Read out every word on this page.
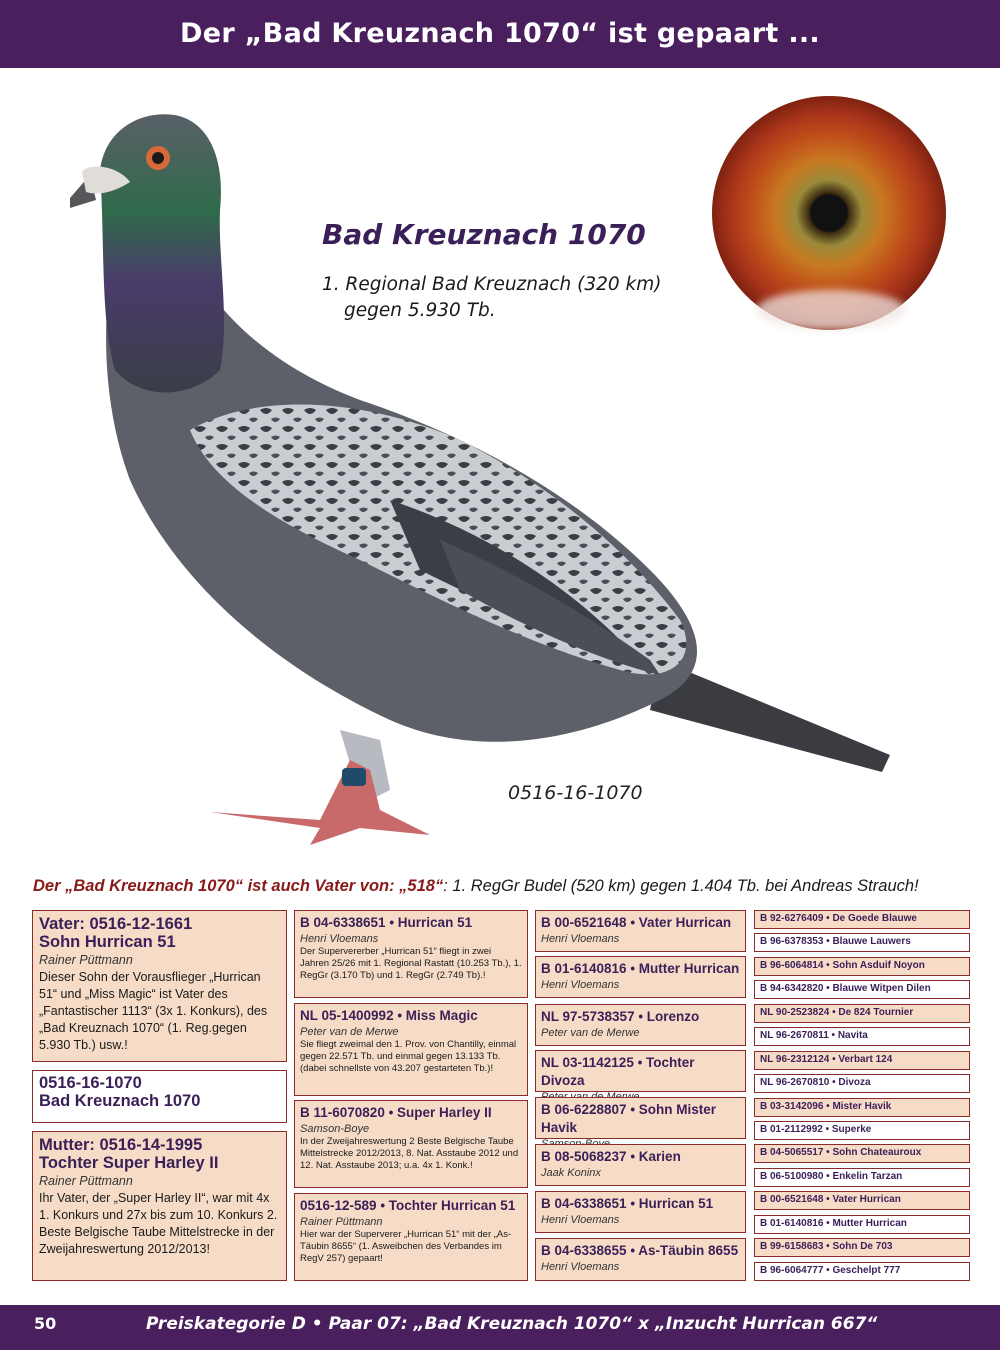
Der „Bad Kreuznach 1070“ ist gepaart ...
Bad Kreuznach 1070
1. Regional Bad Kreuznach (320 km)
gegen 5.930 Tb.
0516-16-1070
Der „Bad Kreuznach 1070“ ist auch Vater von: „518“: 1. RegGr Budel (520 km) gegen 1.404 Tb. bei Andreas Strauch!
Vater: 0516-12-1661
Sohn Hurrican 51
Rainer Püttmann
Dieser Sohn der Vorausflieger „Hurrican 51“ und „Miss Magic“ ist Vater des „Fantastischer 1113“ (3x 1. Konkurs), des „Bad Kreuznach 1070“ (1. Reg.gegen 5.930 Tb.) usw.!
0516-16-1070
Bad Kreuznach 1070
Mutter: 0516-14-1995
Tochter Super Harley II
Rainer Püttmann
Ihr Vater, der „Super Harley II“, war mit 4x 1. Konkurs und 27x bis zum 10. Konkurs 2. Beste Belgische Taube Mittelstrecke in der Zweijahreswertung 2012/2013!
B 04-6338651 • Hurrican 51
Henri Vloemans
Der Supervererber „Hurrican 51“ fliegt in zwei Jahren 25/26 mit 1. Regional Rastatt (10.253 Tb.), 1. RegGr (3.170 Tb) und 1. RegGr (2.749 Tb).!
NL 05-1400992 • Miss Magic
Peter van de Merwe
Sie fliegt zweimal den 1. Prov. von Chantilly, einmal gegen 22.571 Tb. und einmal gegen 13.133 Tb. (dabei schnellste von 43.207 gestarteten Tb.)!
B 11-6070820 • Super Harley II
Samson-Boye
In der Zweijahreswertung 2 Beste Belgische Taube Mittelstrecke 2012/2013, 8. Nat. Asstaube 2012 und 12. Nat. Asstaube 2013; u.a. 4x 1. Konk.!
0516-12-589 • Tochter Hurrican 51
Rainer Püttmann
Hier war der Superverer „Hurrican 51“ mit der „As-Täubin 8655“ (1. Asweibchen des Verbandes im RegV 257) gepaart!
B 00-6521648 • Vater Hurrican
Henri Vloemans
B 01-6140816 • Mutter Hurrican
Henri Vloemans
NL 97-5738357 • Lorenzo
Peter van de Merwe
NL 03-1142125 • Tochter Divoza
B 06-6228807 • Sohn Mister Havik
B 08-5068237 • Karien
Jaak Koninx
B 04-6338651 • Hurrican 51
Henri Vloemans
B 04-6338655 • As-Täubin 8655
Henri Vloemans
B 92-6276409 • De Goede Blauwe
B 96-6378353 • Blauwe Lauwers
B 96-6064814 • Sohn Asduif Noyon
B 94-6342820 • Blauwe Witpen Dilen
NL 90-2523824 • De 824 Tournier
NL 96-2670811 • Navita
NL 96-2312124 • Verbart 124
NL 96-2670810 • Divoza
B 03-3142096 • Mister Havik
B 01-2112992 • Superke
B 04-5065517 • Sohn Chateauroux
B 06-5100980 • Enkelin Tarzan
B 00-6521648 • Vater Hurrican
B 01-6140816 • Mutter Hurrican
B 99-6158683 • Sohn De 703
B 96-6064777 • Geschelpt 777
50	Preiskategorie D • Paar 07: „Bad Kreuznach 1070“ x „Inzucht Hurrican 667“
